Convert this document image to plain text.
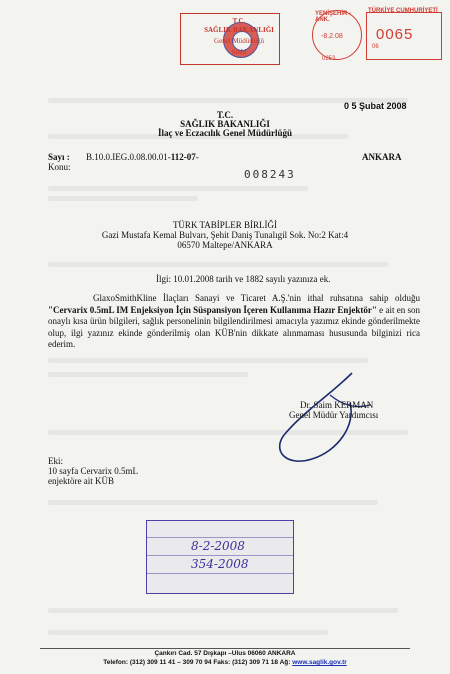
T.C.
SAĞLIK BAKANLIĞI
Genel Müdürlüğü
Sıhhi
YENİŞEHİR - ANK.
-8.2.08
0253
TÜRKİYE CUMHURİYETİ
0065
06
0 5 Şubat 2008
T.C.
SAĞLIK BAKANLIĞI
İlaç ve Eczacılık Genel Müdürlüğü
Sayı : B.10.0.IEG.0.08.00.01-112-07-	ANKARA
Konu:
008243
TÜRK TABİPLER BİRLİĞİ
Gazi Mustafa Kemal Bulvarı, Şehit Daniş Tunalıgil Sok. No:2 Kat:4
06570 Maltepe/ANKARA
İlgi: 10.01.2008 tarih ve 1882 sayılı yazınıza ek.
GlaxoSmithKline İlaçları Sanayi ve Ticaret A.Ş.'nin ithal ruhsatına sahip olduğu "Cervarix 0.5mL IM Enjeksiyon İçin Süspansiyon İçeren Kullanıma Hazır Enjektör" e ait en son onaylı kısa ürün bilgileri, sağlık personelinin bilgilendirilmesi amacıyla yazımız ekinde gönderilmekte olup, ilgi yazınız ekinde gönderilmiş olan KÜB'nin dikkate alınmaması hususunda bilginizi rica ederim.
Dr. Saim KERMAN
Genel Müdür Yardımcısı
Eki:
10 sayfa Cervarix 0.5mL
enjektöre ait KÜB
8-2-2008
354-2008
Çankırı Cad. 57 Dışkapı –Ulus 06060 ANKARA
Telefon: (312) 309 11 41 – 309 70 94 Faks: (312) 309 71 18 Ağ: www.saglik.gov.tr
